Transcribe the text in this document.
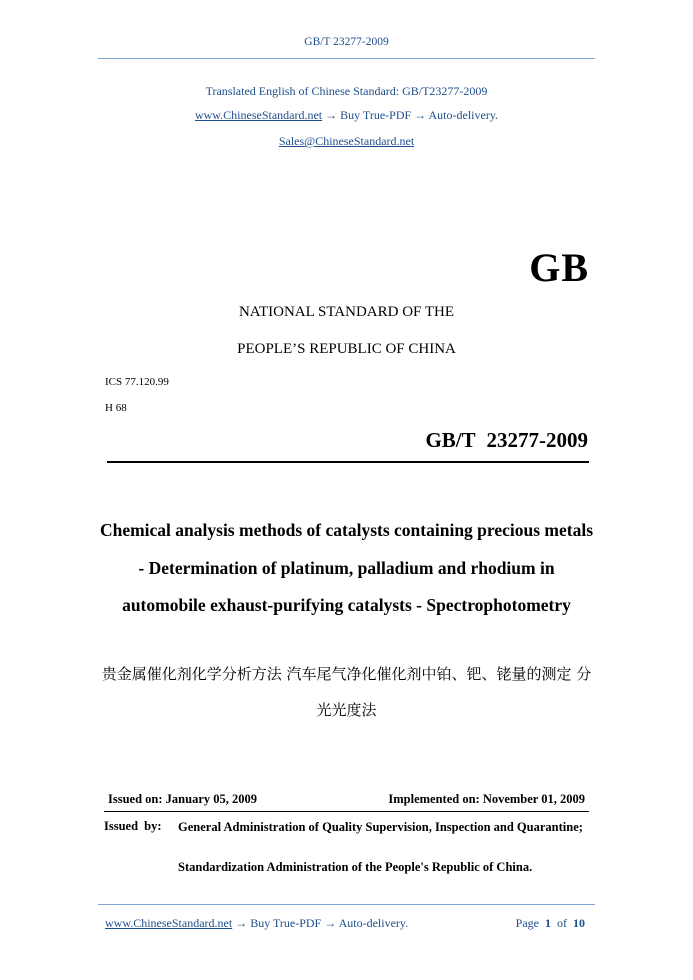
GB/T 23277-2009
Translated English of Chinese Standard: GB/T23277-2009
www.ChineseStandard.net → Buy True-PDF → Auto-delivery.
Sales@ChineseStandard.net
GB
NATIONAL STANDARD OF THE
PEOPLE’S REPUBLIC OF CHINA
ICS 77.120.99
H 68
GB/T 23277-2009
Chemical analysis methods of catalysts containing precious metals - Determination of platinum, palladium and rhodium in automobile exhaust-purifying catalysts - Spectrophotometry
贵金属催化剂化学分析方法 汽车尾气净化催化剂中铂、钯、铑量的测定 分光光度法
Issued on: January 05, 2009	Implemented on: November 01, 2009
Issued by: General Administration of Quality Supervision, Inspection and Quarantine;
Standardization Administration of the People's Republic of China.
www.ChineseStandard.net → Buy True-PDF → Auto-delivery.	Page 1 of 10
